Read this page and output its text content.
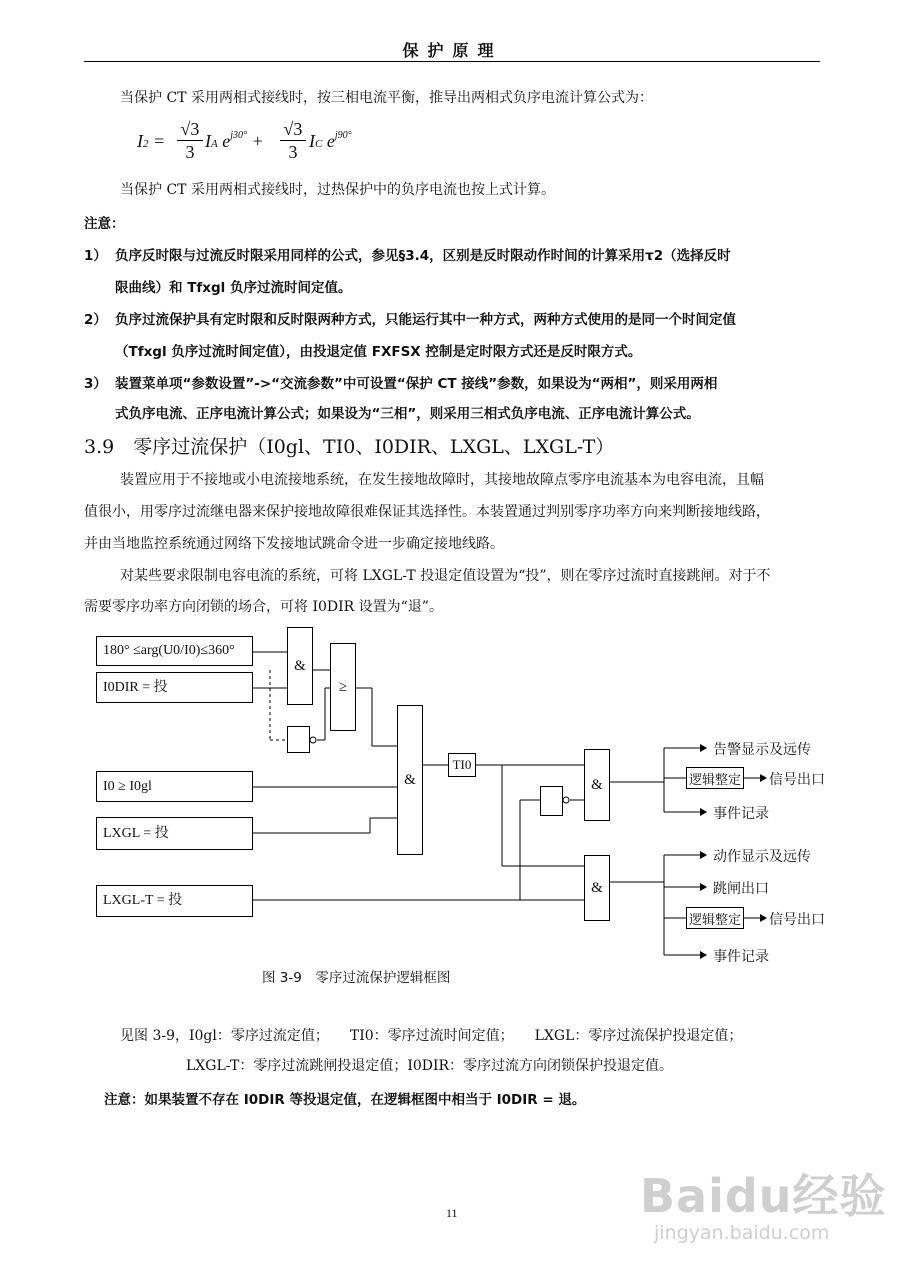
保护原理
当保护 CT 采用两相式接线时，按三相电流平衡，推导出两相式负序电流计算公式为：
$I2 = \frac{√3}{3}$ IA $e^{j30^\circ} + \frac{√3}{3}$ IC $e^{j90^\circ}$
当保护 CT 采用两相式接线时，过热保护中的负序电流也按上式计算。
注意：
1） 负序反时限与过流反时限采用同样的公式，参见§3.4，区别是反时限动作时间的计算采用τ2（选择反时
限曲线）和 Tfxgl 负序过流时间定值。
2） 负序过流保护具有定时限和反时限两种方式，只能运行其中一种方式，两种方式使用的是同一个时间定值
（Tfxgl 负序过流时间定值），由投退定值 FXFSX 控制是定时限方式还是反时限方式。
3） 装置菜单项“参数设置”->“交流参数”中可设置“保护 CT 接线”参数，如果设为“两相”，则采用两相
式负序电流、正序电流计算公式；如果设为“三相”，则采用三相式负序电流、正序电流计算公式。
3.9　零序过流保护（I0gl、TI0、I0DIR、LXGL、LXGL-T）
装置应用于不接地或小电流接地系统，在发生接地故障时，其接地故障点零序电流基本为电容电流，且幅
值很小，用零序过流继电器来保护接地故障很难保证其选择性。本装置通过判别零序功率方向来判断接地线路，
并由当地监控系统通过网络下发接地试跳命令进一步确定接地线路。
对某些要求限制电容电流的系统，可将 LXGL-T 投退定值设置为“投”，则在零序过流时直接跳闸。对于不
需要零序功率方向闭锁的场合，可将 I0DIR 设置为“退”。
180° ≤arg(U0/I0)≤360°
I0DIR = 投
I0 ≥ I0gl
LXGL = 投
LXGL-T = 投
&
≥
&
TI0
&
&
逻辑整定
逻辑整定
告警显示及远传
信号出口
事件记录
动作显示及远传
跳闸出口
信号出口
事件记录
图 3-9　零序过流保护逻辑框图
见图 3-9，I0gl：零序过流定值；　　TI0：零序过流时间定值；　　LXGL：零序过流保护投退定值；
LXGL-T：零序过流跳闸投退定值；I0DIR：零序过流方向闭锁保护投退定值。
注意：如果装置不存在 I0DIR 等投退定值，在逻辑框图中相当于 I0DIR = 退。
11	Baidu经验
jingyan.baidu.com
